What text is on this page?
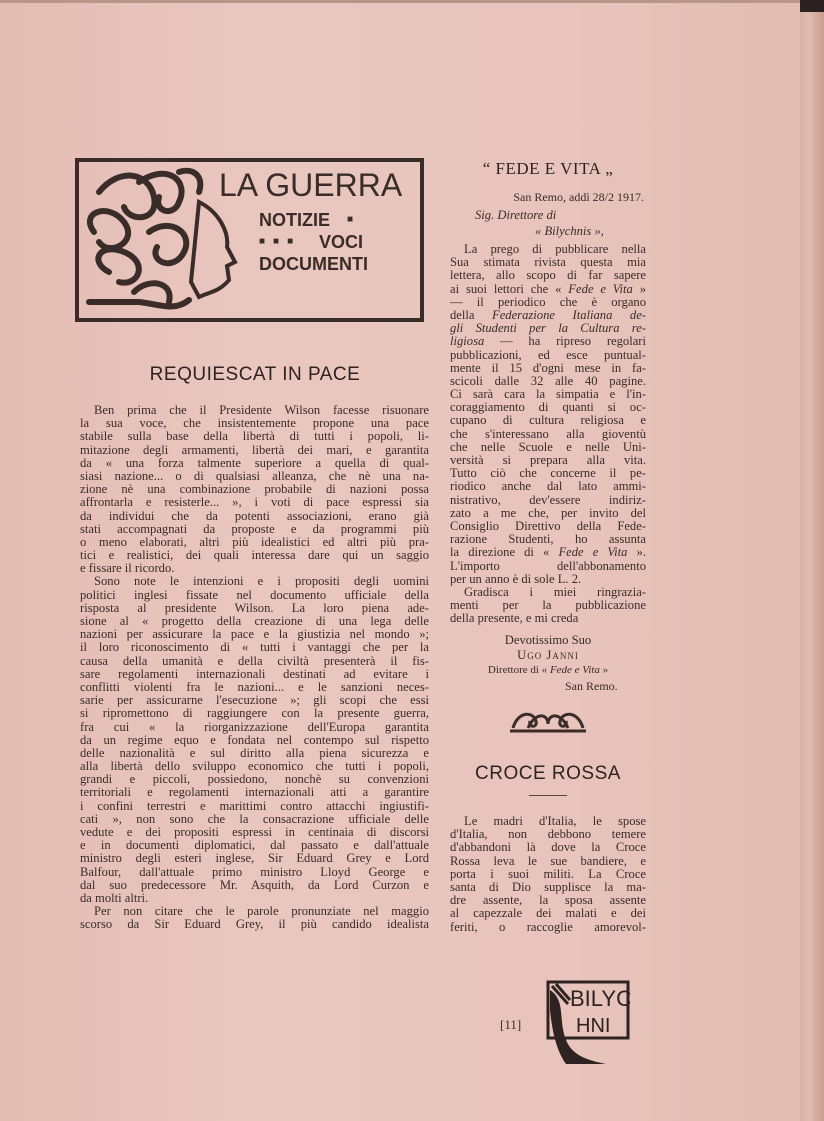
LA GUERRA
NOTIZIE ■
■■■ VOCI
DOCUMENTI
REQUIESCAT IN PACE
Ben prima che il Presidente Wilson facesse risuonare
la sua voce, che insistentemente propone una pace
stabile sulla base della libertà di tutti i popoli, li-
mitazione degli armamenti, libertà dei mari, e garantita
da « una forza talmente superiore a quella di qual-
siasi nazione... o di qualsiasi alleanza, che nè una na-
zione nè una combinazione probabile di nazioni possa
affrontarla e resisterle... », i voti di pace espressi sia
da individui che da potenti associazioni, erano già
stati accompagnati da proposte e da programmi più
o meno elaborati, altri più idealistici ed altri più pra-
tici e realistici, dei quali interessa dare qui un saggio
e fissare il ricordo.
Sono note le intenzioni e i propositi degli uomini
politici inglesi fissate nel documento ufficiale della
risposta al presidente Wilson. La loro piena ade-
sione al « progetto della creazione di una lega delle
nazioni per assicurare la pace e la giustizia nel mondo »;
il loro riconoscimento di « tutti i vantaggi che per la
causa della umanità e della civiltà presenterà il fis-
sare regolamenti internazionali destinati ad evitare i
conflitti violenti fra le nazioni... e le sanzioni neces-
sarie per assicurarne l'esecuzione »; gli scopi che essi
si ripromettono di raggiungere con la presente guerra,
fra cui « la riorganizzazione dell'Europa garantita
da un regime equo e fondata nel contempo sul rispetto
delle nazionalità e sul diritto alla piena sicurezza e
alla libertà dello sviluppo economico che tutti i popoli,
grandi e piccoli, possiedono, nonchè su convenzioni
territoriali e regolamenti internazionali atti a garantire
i confini terrestri e marittimi contro attacchi ingiustifi-
cati », non sono che la consacrazione ufficiale delle
vedute e dei propositi espressi in centinaia di discorsi
e in documenti diplomatici, dal passato e dall'attuale
ministro degli esteri inglese, Sir Eduard Grey e Lord
Balfour, dall'attuale primo ministro Lloyd George e
dal suo predecessore Mr. Asquith, da Lord Curzon e
da molti altri.
Per non citare che le parole pronunziate nel maggio
scorso da Sir Eduard Grey, il più candido idealista
“ FEDE E VITA „
San Remo, addì 28/2 1917.
Sig. Direttore di
« Bilychnis »,
La prego di pubblicare nella
Sua stimata rivista questa mia
lettera, allo scopo di far sapere
ai suoi lettori che « Fede e Vita »
— il periodico che è organo
della Federazione Italiana de-
gli Studenti per la Cultura re-
ligiosa — ha ripreso regolari
pubblicazioni, ed esce puntual-
mente il 15 d'ogni mese in fa-
scicoli dalle 32 alle 40 pagine.
Ci sarà cara la simpatia e l'in-
coraggiamento di quanti si oc-
cupano di cultura religiosa e
che s'interessano alla gioventù
che nelle Scuole e nelle Uni-
versità si prepara alla vita.
Tutto ciò che concerne il pe-
riodico anche dal lato ammi-
nistrativo, dev'essere indiriz-
zato a me che, per invito del
Consiglio Direttivo della Fede-
razione Studenti, ho assunta
la direzione di « Fede e Vita ».
L'importo dell'abbonamento
per un anno è di sole L. 2.
Gradisca i miei ringrazia-
menti per la pubblicazione
della presente, e mi creda
Devotissimo Suo
Ugo Janni
Direttore di « Fede e Vita »
San Remo.
CROCE ROSSA
Le madri d'Italia, le spose
d'Italia, non debbono temere
d'abbandoni là dove la Croce
Rossa leva le sue bandiere, e
porta i suoi militi. La Croce
santa di Dio supplisce la ma-
dre assente, la sposa assente
al capezzale dei malati e dei
feriti, o raccoglie amorevol-
[11]
BILYC
HNI
